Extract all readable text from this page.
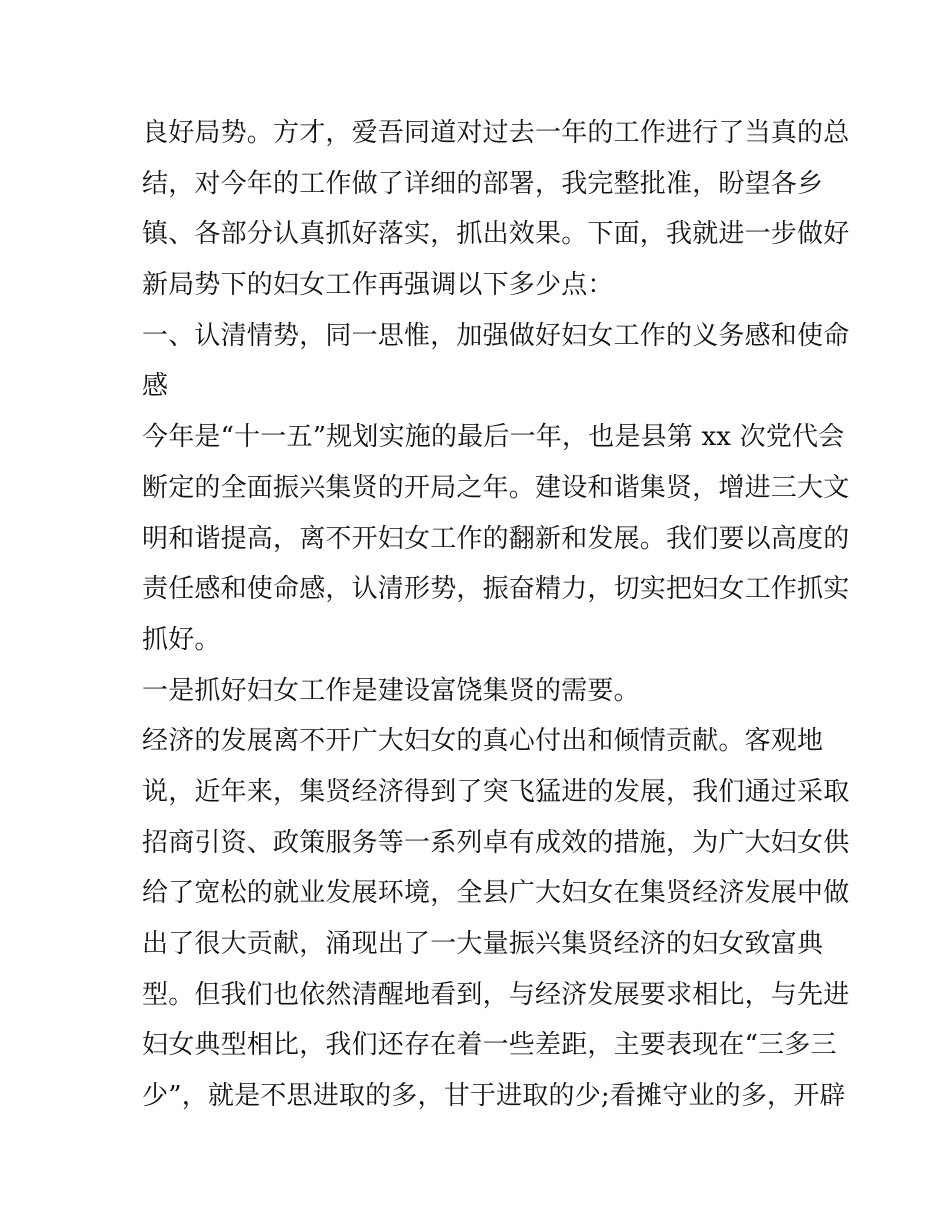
良好局势。方才，爱吾同道对过去一年的工作进行了当真的总
结，对今年的工作做了详细的部署，我完整批准，盼望各乡
镇、各部分认真抓好落实，抓出效果。下面，我就进一步做好
新局势下的妇女工作再强调以下多少点：
一、认清情势，同一思惟，加强做好妇女工作的义务感和使命
感
今年是“十一五”规划实施的最后一年，也是县第 xx 次党代会
断定的全面振兴集贤的开局之年。建设和谐集贤，增进三大文
明和谐提高，离不开妇女工作的翻新和发展。我们要以高度的
责任感和使命感，认清形势，振奋精力，切实把妇女工作抓实
抓好。
一是抓好妇女工作是建设富饶集贤的需要。
经济的发展离不开广大妇女的真心付出和倾情贡献。客观地
说，近年来，集贤经济得到了突飞猛进的发展，我们通过采取
招商引资、政策服务等一系列卓有成效的措施，为广大妇女供
给了宽松的就业发展环境，全县广大妇女在集贤经济发展中做
出了很大贡献，涌现出了一大量振兴集贤经济的妇女致富典
型。但我们也依然清醒地看到，与经济发展要求相比，与先进
妇女典型相比，我们还存在着一些差距，主要表现在“三多三
少”，就是不思进取的多，甘于进取的少;看摊守业的多，开辟
